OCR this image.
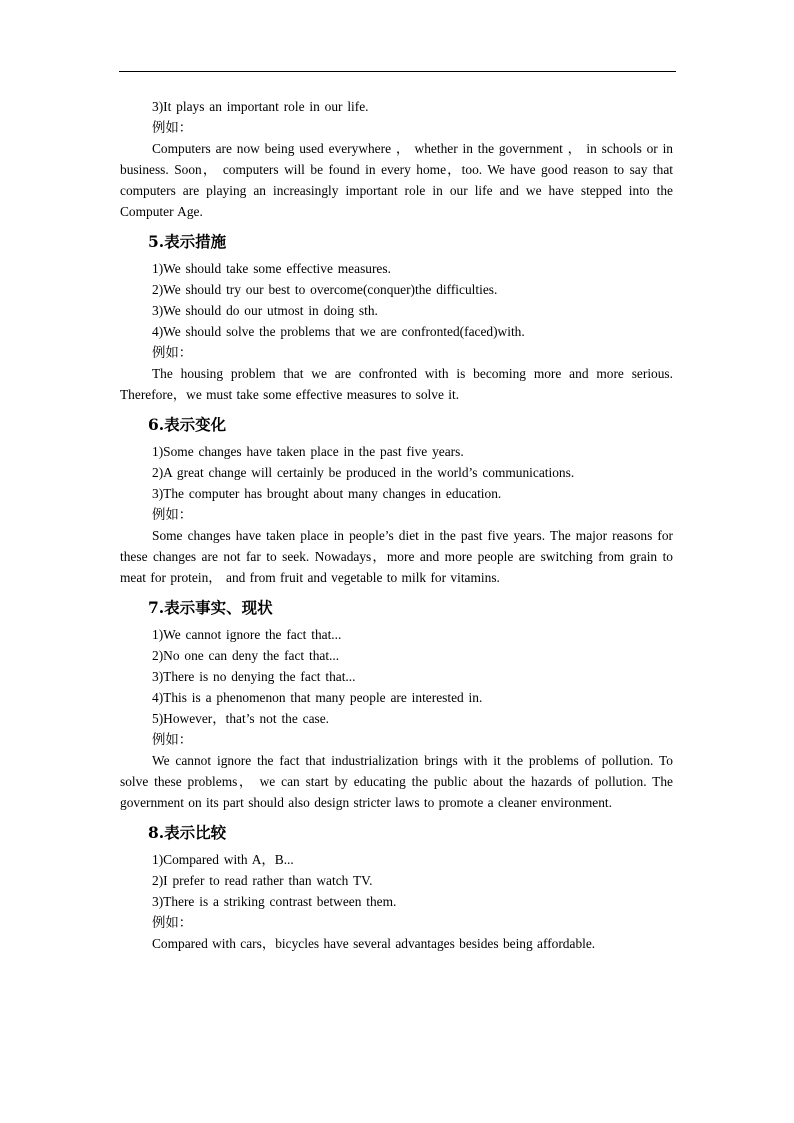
3)It plays an important role in our life.
例如：

Computers are now being used everywhere ， whether in the government ， in schools or in business. Soon， computers will be found in every home，too. We have good reason to say that computers are playing an increasingly important role in our life and we have stepped into the Computer Age.

5.表示措施
1)We should take some effective measures.
2)We should try our best to overcome(conquer)the difficulties.
3)We should do our utmost in doing sth.
4)We should solve the problems that we are confronted(faced)with.
例如：

The housing problem that we are confronted with is becoming more and more serious. Therefore，we must take some effective measures to solve it.

6.表示变化
1)Some changes have taken place in the past five years.
2)A great change will certainly be produced in the world’s communications.
3)The computer has brought about many changes in education.
例如：

Some changes have taken place in people’s diet in the past five years. The major reasons for these changes are not far to seek. Nowadays，more and more people are switching from grain to meat for protein， and from fruit and vegetable to milk for vitamins.

7.表示事实、现状
1)We cannot ignore the fact that...
2)No one can deny the fact that...
3)There is no denying the fact that...
4)This is a phenomenon that many people are interested in.
5)However，that’s not the case.
例如：

We cannot ignore the fact that industrialization brings with it the problems of pollution. To solve these problems， we can start by educating the public about the hazards of pollution. The government on its part should also design stricter laws to promote a cleaner environment.

8.表示比较
1)Compared with A，B...
2)I prefer to read rather than watch TV.
3)There is a striking contrast between them.
例如：

Compared with cars，bicycles have several advantages besides being affordable.
